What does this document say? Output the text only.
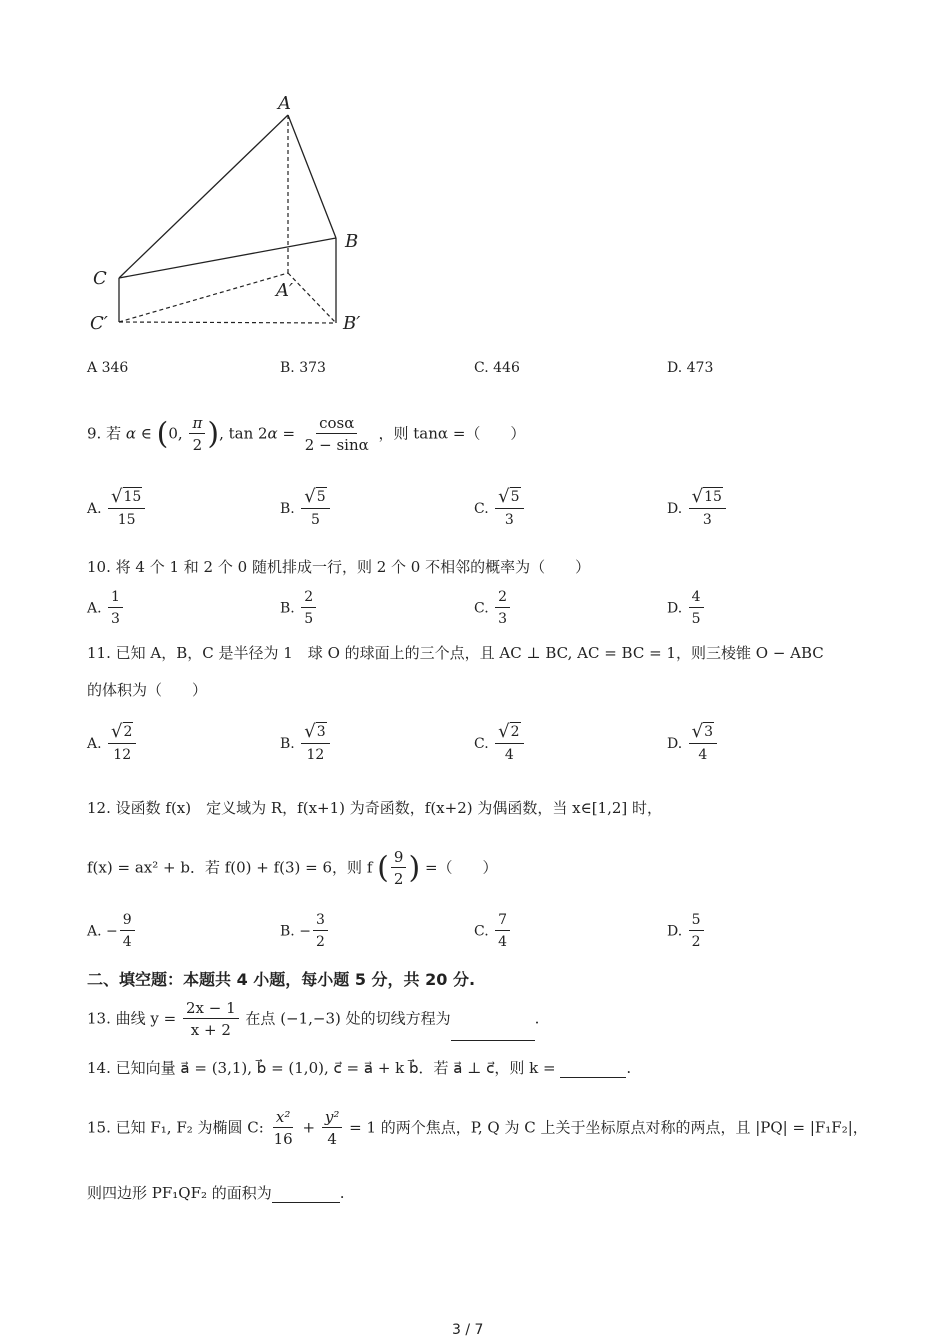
A
B
C
A′
B′
C′
A 346	B. 373	C. 446	D. 473
9. 若 α ∈ (0, $\frac{\pi}{2}$ ), $\tan 2\alpha = \frac{\cos\alpha}{2 - \sin\alpha}$ ，则 tanα =（　　）
A. $\frac{√ 15}{15}$	B. $\frac{√ 5}{5}$	C. $\frac{√ 5}{3}$	D. $\frac{√ 15}{3}$
10. 将 4 个 1 和 2 个 0 随机排成一行，则 2 个 0 不相邻的概率为（　　）
A. $\frac{1}{3}$	B. $\frac{2}{5}$	C. $\frac{2}{3}$	D. $\frac{4}{5}$
11. 已知 A，B，C 是半径为 1　球 O 的球面上的三个点，且 AC ⊥ BC, AC = BC = 1，则三棱锥 O − ABC
的体积为（　　）
A. $\frac{√ 2}{12}$	B. $\frac{√ 3}{12}$	C. $\frac{√ 2}{4}$	D. $\frac{√ 3}{4}$
12. 设函数 f(x)　定义域为 R，f(x+1) 为奇函数，f(x+2) 为偶函数，当 x∈[1,2] 时，
f(x) = ax² + b．若 f(0) + f(3) = 6，则 f ( $\frac{9}{2}$ ) =（　　）
A. − $\frac{9}{4}$	B. − $\frac{3}{2}$	C. $\frac{7}{4}$	D. $\frac{5}{2}$
二、填空题：本题共 4 小题，每小题 5 分，共 20 分.
13. 曲线 $y = \frac{2x - 1}{x + 2}$ 在点 (−1,−3) 处的切线方程为	.
14. 已知向量 a⃗ = (3,1), b⃗ = (1,0), c⃗ = a⃗ + k b⃗．若 a⃗ ⊥ c⃗，则 k =	.
15. 已知 F₁, F₂ 为椭圆 C: $\frac{\text{x²}}{16} + \frac{\text{y²}}{4} = 1$ 的两个焦点，P, Q 为 C 上关于坐标原点对称的两点，且 |PQ| = |F₁F₂|，
则四边形 PF₁QF₂ 的面积为	.
3 / 7
